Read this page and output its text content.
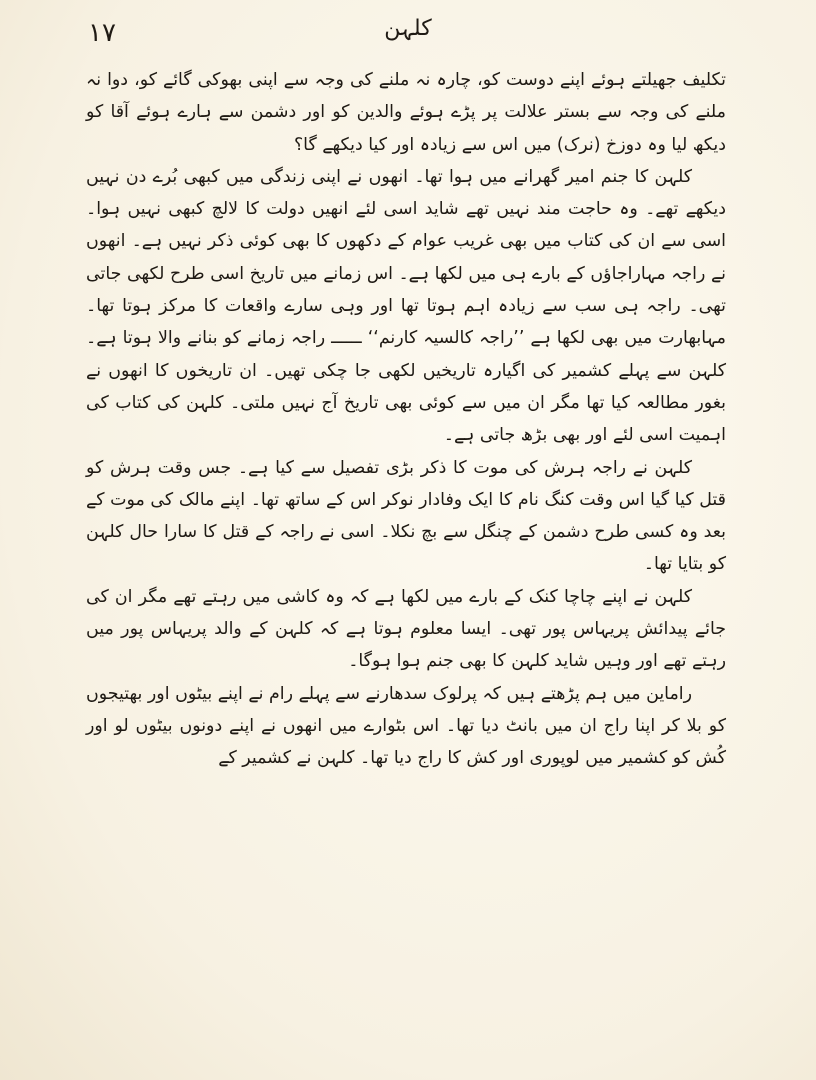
۱۷	کلہن

تکلیف جھیلتے ہوئے اپنے دوست کو، چارہ نہ ملنے کی وجہ سے اپنی بھوکی گائے کو، دوا نہ ملنے کی وجہ سے بستر علالت پر پڑے ہوئے والدین کو اور دشمن سے ہارے ہوئے آقا کو دیکھ لیا وہ دوزخ (نرک) میں اس سے زیادہ اور کیا دیکھے گا؟

کلہن کا جنم امیر گھرانے میں ہوا تھا۔ انھوں نے اپنی زندگی میں کبھی بُرے دن نہیں دیکھے تھے۔ وہ حاجت مند نہیں تھے شاید اسی لئے انھیں دولت کا لالچ کبھی نہیں ہوا۔ اسی سے ان کی کتاب میں بھی غریب عوام کے دکھوں کا بھی کوئی ذکر نہیں ہے۔ انھوں نے راجہ مہاراجاؤں کے بارے ہی میں لکھا ہے۔ اس زمانے میں تاریخ اسی طرح لکھی جاتی تھی۔ راجہ ہی سب سے زیادہ اہم ہوتا تھا اور وہی سارے واقعات کا مرکز ہوتا تھا۔ مہابھارت میں بھی لکھا ہے ’’راجہ کالسیہ کارنم‘‘ ــــــ راجہ زمانے کو بنانے والا ہوتا ہے۔ کلہن سے پہلے کشمیر کی اگیارہ تاریخیں لکھی جا چکی تھیں۔ ان تاریخوں کا انھوں نے بغور مطالعہ کیا تھا مگر ان میں سے کوئی بھی تاریخ آج نہیں ملتی۔ کلہن کی کتاب کی اہمیت اسی لئے اور بھی بڑھ جاتی ہے۔

کلہن نے راجہ ہرش کی موت کا ذکر بڑی تفصیل سے کیا ہے۔ جس وقت ہرش کو قتل کیا گیا اس وقت کنگ نام کا ایک وفادار نوکر اس کے ساتھ تھا۔ اپنے مالک کی موت کے بعد وہ کسی طرح دشمن کے چنگل سے بچ نکلا۔ اسی نے راجہ کے قتل کا سارا حال کلہن کو بتایا تھا۔

کلہن نے اپنے چاچا کنک کے بارے میں لکھا ہے کہ وہ کاشی میں رہتے تھے مگر ان کی جائے پیدائش پریہاس پور تھی۔ ایسا معلوم ہوتا ہے کہ کلہن کے والد پریہاس پور میں رہتے تھے اور وہیں شاید کلہن کا بھی جنم ہوا ہوگا۔

راماین میں ہم پڑھتے ہیں کہ پرلوک سدھارنے سے پہلے رام نے اپنے بیٹوں اور بھتیجوں کو بلا کر اپنا راج ان میں بانٹ دیا تھا۔ اس بٹوارے میں انھوں نے اپنے دونوں بیٹوں لو اور کُش کو کشمیر میں لوپوری اور کش کا راج دیا تھا۔ کلہن نے کشمیر کے
